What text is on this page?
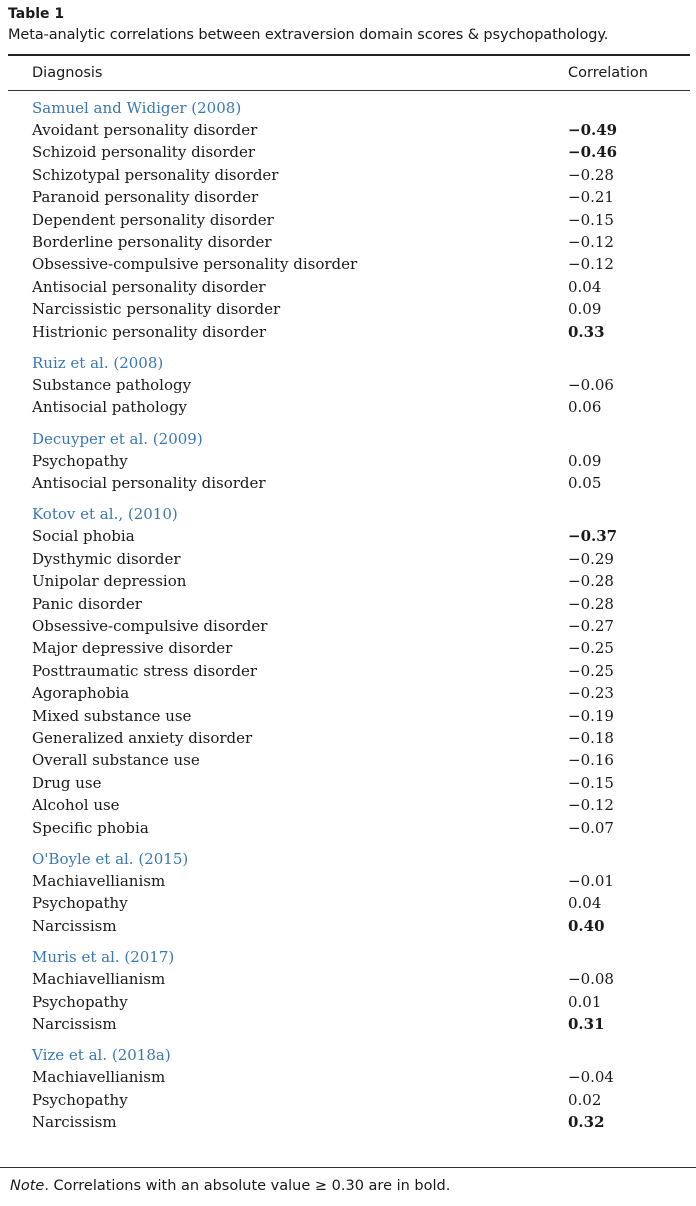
Table 1
Meta-analytic correlations between extraversion domain scores & psychopathology.
Diagnosis	Correlation
Samuel and Widiger (2008)
Avoidant personality disorder	−0.49
Schizoid personality disorder	−0.46
Schizotypal personality disorder	−0.28
Paranoid personality disorder	−0.21
Dependent personality disorder	−0.15
Borderline personality disorder	−0.12
Obsessive-compulsive personality disorder	−0.12
Antisocial personality disorder	0.04
Narcissistic personality disorder	0.09
Histrionic personality disorder	0.33
Ruiz et al. (2008)
Substance pathology	−0.06
Antisocial pathology	0.06
Decuyper et al. (2009)
Psychopathy	0.09
Antisocial personality disorder	0.05
Kotov et al., (2010)
Social phobia	−0.37
Dysthymic disorder	−0.29
Unipolar depression	−0.28
Panic disorder	−0.28
Obsessive-compulsive disorder	−0.27
Major depressive disorder	−0.25
Posttraumatic stress disorder	−0.25
Agoraphobia	−0.23
Mixed substance use	−0.19
Generalized anxiety disorder	−0.18
Overall substance use	−0.16
Drug use	−0.15
Alcohol use	−0.12
Specific phobia	−0.07
O'Boyle et al. (2015)
Machiavellianism	−0.01
Psychopathy	0.04
Narcissism	0.40
Muris et al. (2017)
Machiavellianism	−0.08
Psychopathy	0.01
Narcissism	0.31
Vize et al. (2018a)
Machiavellianism	−0.04
Psychopathy	0.02
Narcissism	0.32
Note. Correlations with an absolute value ≥ 0.30 are in bold.
